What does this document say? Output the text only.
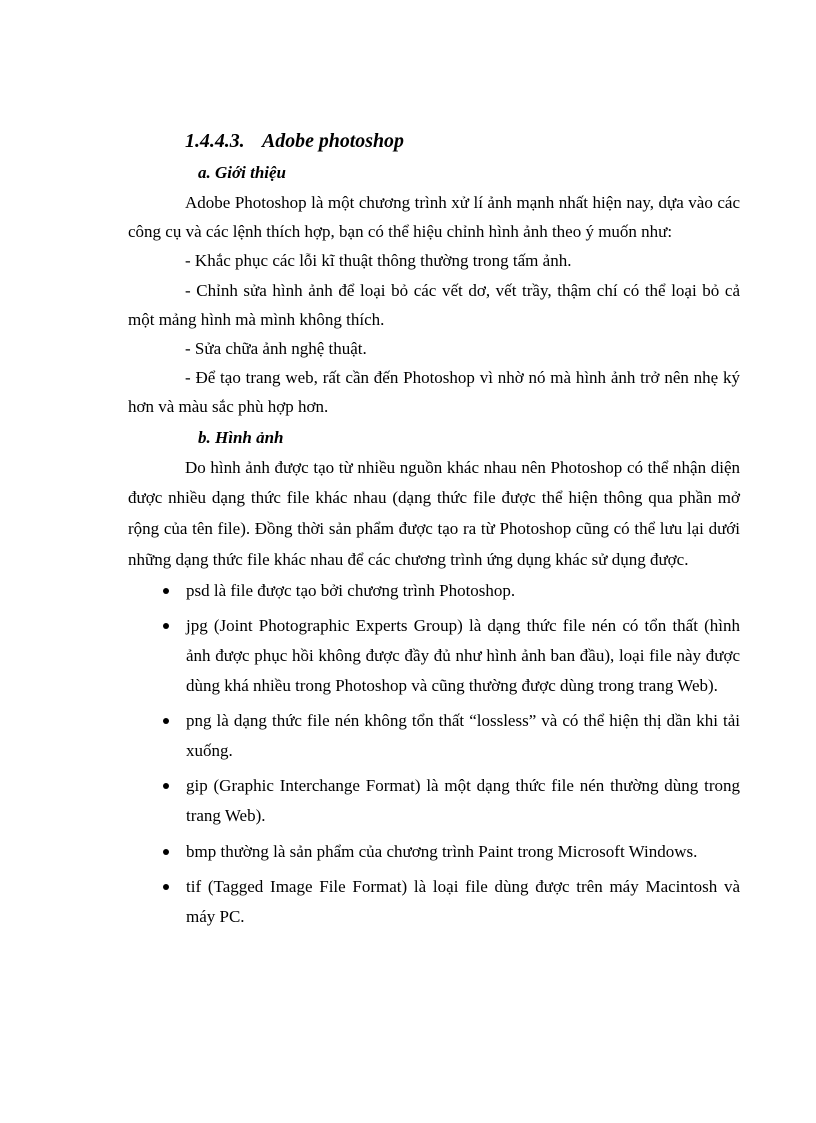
1.4.4.3. Adobe photoshop
a. Giới thiệu

Adobe Photoshop là một chương trình xử lí ảnh mạnh nhất hiện nay, dựa vào các công cụ và các lệnh thích hợp, bạn có thể hiệu chỉnh hình ảnh theo ý muốn như:

- Khắc phục các lỗi kĩ thuật thông thường trong tấm ảnh.

- Chỉnh sửa hình ảnh để loại bỏ các vết dơ, vết trầy, thậm chí có thể loại bỏ cả một mảng hình mà mình không thích.

- Sửa chữa ảnh nghệ thuật.

- Để tạo trang web, rất cần đến Photoshop vì nhờ nó mà hình ảnh trở nên nhẹ ký hơn và màu sắc phù hợp hơn.

b. Hình ảnh

Do hình ảnh được tạo từ nhiều nguồn khác nhau nên Photoshop có thể nhận diện được nhiều dạng thức file khác nhau (dạng thức file được thể hiện thông qua phần mở rộng của tên file). Đồng thời sản phẩm được tạo ra từ Photoshop cũng có thể lưu lại dưới những dạng thức file khác nhau để các chương trình ứng dụng khác sử dụng được.

psd là file được tạo bởi chương trình Photoshop.
jpg (Joint Photographic Experts Group) là dạng thức file nén có tổn thất (hình ảnh được phục hồi không được đầy đủ như hình ảnh ban đầu), loại file này được dùng khá nhiều trong Photoshop và cũng thường được dùng trong trang Web).
png là dạng thức file nén không tổn thất “lossless” và có thể hiện thị dần khi tải xuống.
gip (Graphic Interchange Format) là một dạng thức file nén thường dùng trong trang Web).
bmp thường là sản phẩm của chương trình Paint trong Microsoft Windows.
tif (Tagged Image File Format) là loại file dùng được trên máy Macintosh và máy PC.
